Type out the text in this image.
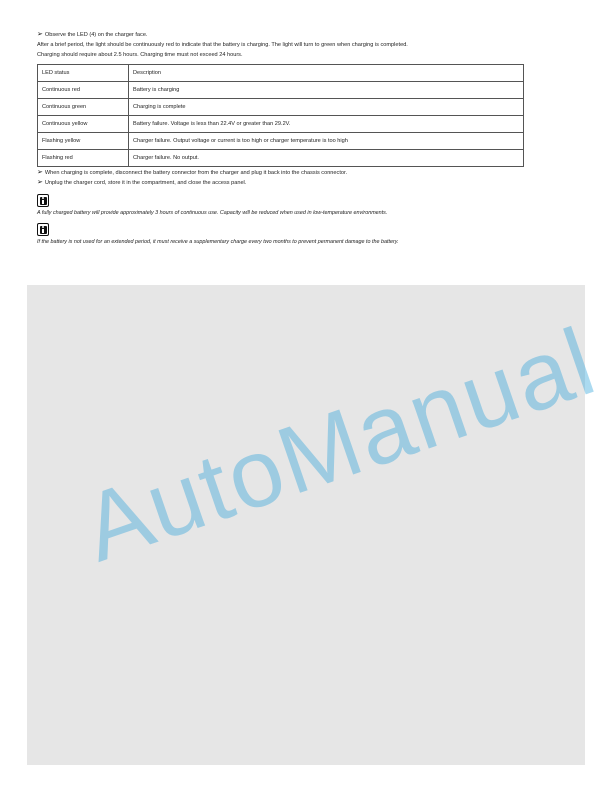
➢ Observe the LED (4) on the charger face.
After a brief period, the light should be continuously red to indicate that the battery is charging. The light will turn to green when charging is completed.
Charging should require about 2.5 hours. Charging time must not exceed 24 hours.
LED status	Description
Continuous red	Battery is charging
Continuous green	Charging is complete
Continuous yellow	Battery failure. Voltage is less than 22.4V or greater than 29.2V.
Flashing yellow	Charger failure. Output voltage or current is too high or charger temperature is too high
Flashing red	Charger failure. No output.
➢ When charging is complete, disconnect the battery connector from the charger and plug it back into the chassis connector.
➢ Unplug the charger cord, store it in the compartment, and close the access panel.
A fully charged battery will provide approximately 3 hours of continuous use. Capacity will be reduced when used in low-temperature environments.
If the battery is not used for an extended period, it must receive a supplementary charge every two months to prevent permanent damage to the battery.
AutoManual
